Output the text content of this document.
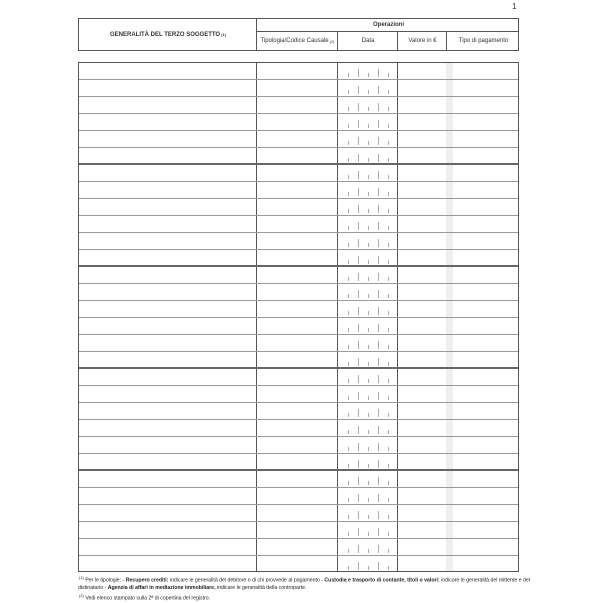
1
GENERALITÀ DEL TERZO SOGGETTO (1)
Operazioni
Tipologia/Codice Causale (2)	Data	Valore in €	Tipo di pagamento
$^{(1)}$ Per le tipologie: - Recupero crediti: indicare le generalità del debitore o di chi provvede al pagamento - Custodia e trasporto di contante, titoli o valori: indicare le generalità del mittente e del distinatario - Agenzia di affari in mediazione immobiliare, indicare le generalità della controparte.
$^{(2)}$ Vedi elenco stampato sulla 2ª di copertina del registro.
